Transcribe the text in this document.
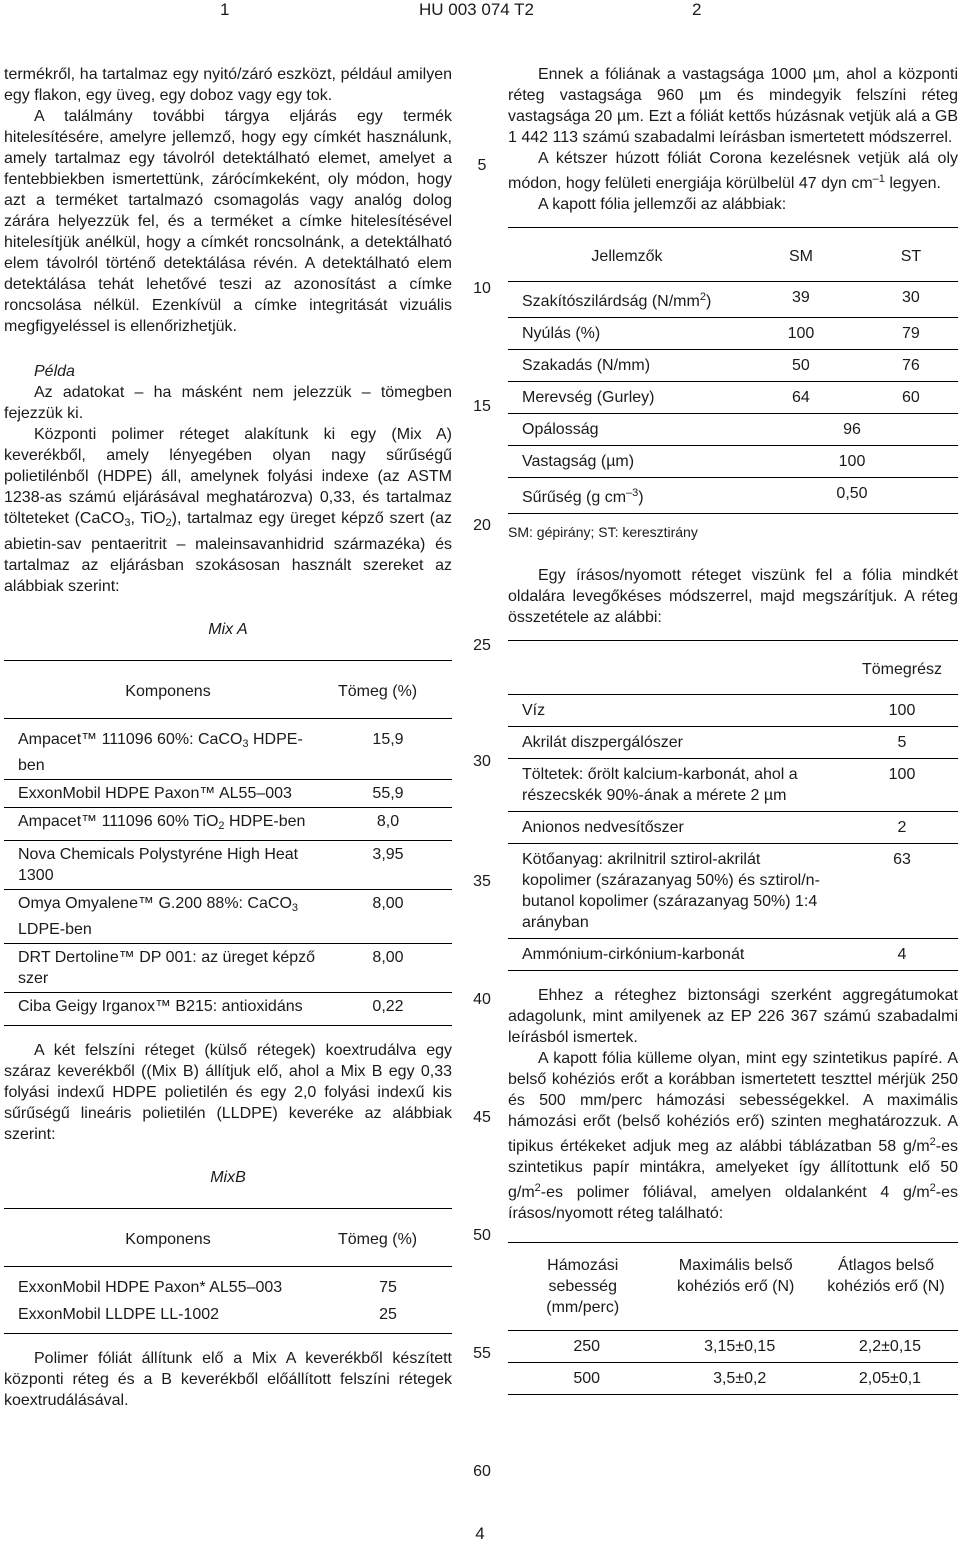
1	HU 003 074 T2	2

termékről, ha tartalmaz egy nyitó/záró eszközt, például amilyen egy flakon, egy üveg, egy doboz vagy egy tok.

A találmány további tárgya eljárás egy termék hitelesítésére, amelyre jellemző, hogy egy címkét használunk, amely tartalmaz egy távolról detektálható elemet, amelyet a fentebbiekben ismertettünk, zárócímkeként, oly módon, hogy azt a terméket tartalmazó csomagolás vagy analóg dolog zárára helyezzük fel, és a terméket a címke hitelesítésével hitelesítjük anélkül, hogy a címkét roncsolnánk, a detektálható elem távolról történő detektálása révén. A detektálható elem detektálása tehát lehetővé teszi az azonosítást a címke roncsolása nélkül. Ezenkívül a címke integritását vizuális megfigyeléssel is ellenőrizhetjük.

Példa

Az adatokat – ha másként nem jelezzük – tömegben fejezzük ki.

Központi polimer réteget alakítunk ki egy (Mix A) keverékből, amely lényegében olyan nagy sűrűségű polietilénből (HDPE) áll, amelynek folyási indexe (az ASTM 1238-as számú eljárásával meghatározva) 0,33, és tartalmaz tölteteket (CaCO$_3$, TiO$_2$), tartalmaz egy üreget képző szert (az abietin-sav pentaeritrit – maleinsavanhidrid származéka) és tartalmaz az eljárásban szokásosan használt szereket az alábbiak szerint:

Mix A
Komponens	Tömeg (%)
Ampacet™ 111096 60%: CaCO$_3$ HDPE-ben	15,9
ExxonMobil HDPE Paxon™ AL55–003	55,9
Ampacet™ 111096 60% TiO$_2$ HDPE-ben	8,0
Nova Chemicals Polystyréne High Heat 1300	3,95
Omya Omyalene™ G.200 88%: CaCO$_3$ LDPE-ben	8,00
DRT Dertoline™ DP 001: az üreget képző szer	8,00
Ciba Geigy Irganox™ B215: antioxidáns	0,22

A két felszíni réteget (külső rétegek) koextrudálva egy száraz keverékből ((Mix B) állítjuk elő, ahol a Mix B egy 0,33 folyási indexű HDPE polietilén és egy 2,0 folyási indexű kis sűrűségű lineáris polietilén (LLDPE) keveréke az alábbiak szerint:

MixB
Komponens	Tömeg (%)
ExxonMobil HDPE Paxon* AL55–003	75
ExxonMobil LLDPE LL-1002	25

Polimer fóliát állítunk elő a Mix A keverékből készített központi réteg és a B keverékből előállított felszíni rétegek koextrudálásával.

5
10
15
20
25
30
35
40
45
50
55
60

Ennek a fóliának a vastagsága 1000 µm, ahol a központi réteg vastagsága 960 µm és mindegyik felszíni réteg vastagsága 20 µm. Ezt a fóliát kettős húzásnak vetjük alá a GB 1 442 113 számú szabadalmi leírásban ismertetett módszerrel.

A kétszer húzott fóliát Corona kezelésnek vetjük alá oly módon, hogy felületi energiája körülbelül 47 dyn $cm^{-1}$ legyen.

A kapott fólia jellemzői az alábbiak:

Jellemzők	SM	ST
Szakítószilárdság $(N/mm^2)$	39	30
Nyúlás (%)	100	79
Szakadás (N/mm)	50	76
Merevség (Gurley)	64	60
Opálosság	96	
Vastagság (µm)	100	
Sűrűség (g $cm^{-3}$)	0,50	
SM: gépirány; ST: keresztirány

Egy írásos/nyomott réteget viszünk fel a fólia mindkét oldalára levegőkéses módszerrel, majd megszárítjuk. A réteg összetétele az alábbi:

	Tömegrész
Víz	100
Akrilát diszpergálószer	5
Töltetek: őrölt kalcium-karbonát, ahol a részecskék 90%-ának a mérete 2 µm	100
Anionos nedvesítőszer	2
Kötőanyag: akrilnitril sztirol-akrilát kopolimer (szárazanyag 50%) és sztirol/n-butanol kopolimer (szárazanyag 50%) 1:4 arányban	63
Ammónium-cirkónium-karbonát	4

Ehhez a réteghez biztonsági szerként aggregátumokat adagolunk, mint amilyenek az EP 226 367 számú szabadalmi leírásból ismertek.

A kapott fólia külleme olyan, mint egy szintetikus papíré. A belső kohéziós erőt a korábban ismertetett teszttel mérjük 250 és 500 mm/perc hámozási sebességekkel. A maximális hámozási erőt (belső kohéziós erő) szinten meghatározzuk. A tipikus értékeket adjuk meg az alábbi táblázatban 58 $g/m^2-es$ szintetikus papír mintákra, amelyeket így állítottunk elő 50 $g/m^2-es$ polimer fóliával, amelyen oldalanként 4 $g/m^2-es$ írásos/nyomott réteg található:

Hámozási sebesség (mm/perc)	Maximális belső kohéziós erő (N)	Átlagos belső kohéziós erő (N)
250	3,15±0,15	2,2±0,15
500	3,5±0,2	2,05±0,1
4
